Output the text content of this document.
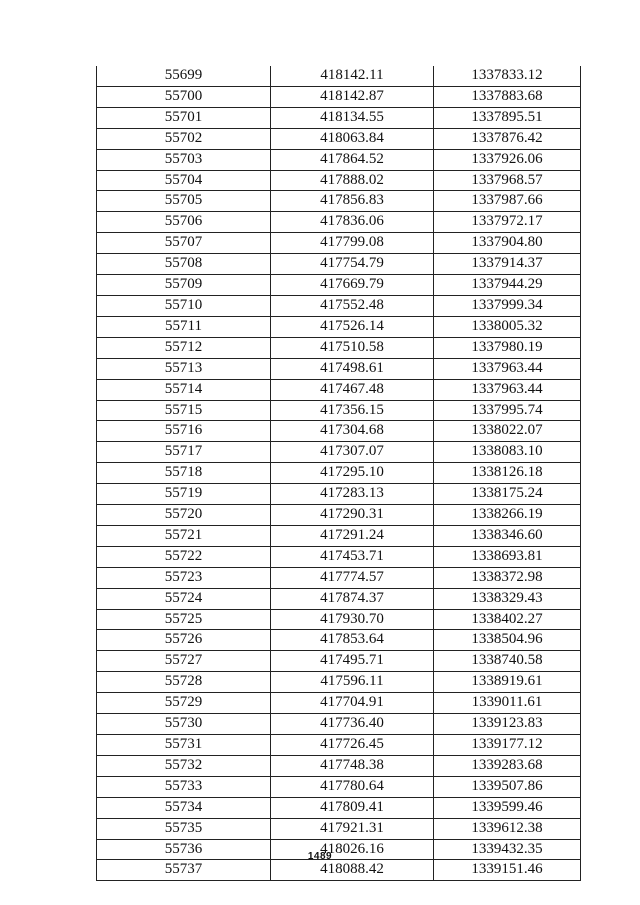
55699	418142.11	1337833.12
55700	418142.87	1337883.68
55701	418134.55	1337895.51
55702	418063.84	1337876.42
55703	417864.52	1337926.06
55704	417888.02	1337968.57
55705	417856.83	1337987.66
55706	417836.06	1337972.17
55707	417799.08	1337904.80
55708	417754.79	1337914.37
55709	417669.79	1337944.29
55710	417552.48	1337999.34
55711	417526.14	1338005.32
55712	417510.58	1337980.19
55713	417498.61	1337963.44
55714	417467.48	1337963.44
55715	417356.15	1337995.74
55716	417304.68	1338022.07
55717	417307.07	1338083.10
55718	417295.10	1338126.18
55719	417283.13	1338175.24
55720	417290.31	1338266.19
55721	417291.24	1338346.60
55722	417453.71	1338693.81
55723	417774.57	1338372.98
55724	417874.37	1338329.43
55725	417930.70	1338402.27
55726	417853.64	1338504.96
55727	417495.71	1338740.58
55728	417596.11	1338919.61
55729	417704.91	1339011.61
55730	417736.40	1339123.83
55731	417726.45	1339177.12
55732	417748.38	1339283.68
55733	417780.64	1339507.86
55734	417809.41	1339599.46
55735	417921.31	1339612.38
55736	418026.16	1339432.35
55737	418088.42	1339151.46
1489
